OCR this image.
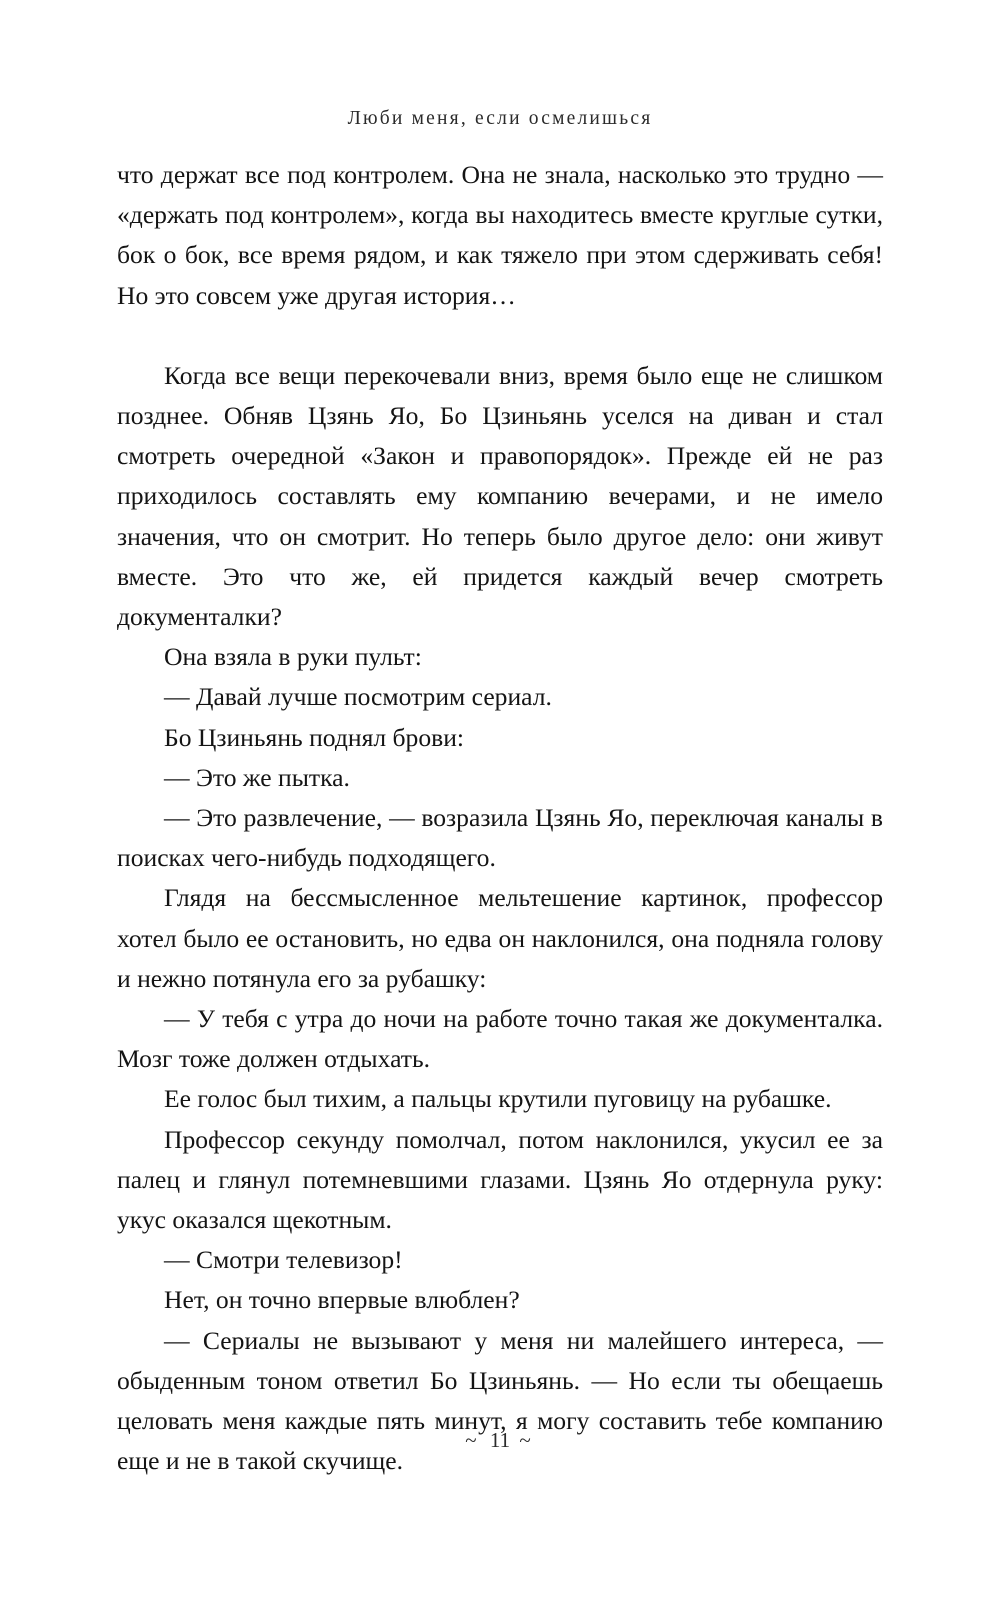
Люби меня, если осмелишься

что держат все под контролем. Она не знала, насколько это трудно — «держать под контролем», когда вы находитесь вместе круглые сутки, бок о бок, все время рядом, и как тяжело при этом сдерживать себя! Но это совсем уже другая история…

Когда все вещи перекочевали вниз, время было еще не слишком позднее. Обняв Цзянь Яо, Бо Цзиньянь уселся на диван и стал смотреть очередной «Закон и правопорядок». Прежде ей не раз приходилось составлять ему компанию вечерами, и не имело значения, что он смотрит. Но теперь было другое дело: они живут вместе. Это что же, ей придется каждый вечер смотреть документалки?

Она взяла в руки пульт:

— Давай лучше посмотрим сериал.

Бо Цзиньянь поднял брови:

— Это же пытка.

— Это развлечение, — возразила Цзянь Яо, переключая каналы в поисках чего-нибудь подходящего.

Глядя на бессмысленное мельтешение картинок, профессор хотел было ее остановить, но едва он наклонился, она подняла голову и нежно потянула его за рубашку:

— У тебя с утра до ночи на работе точно такая же документалка. Мозг тоже должен отдыхать.

Ее голос был тихим, а пальцы крутили пуговицу на рубашке.

Профессор секунду помолчал, потом наклонился, укусил ее за палец и глянул потемневшими глазами. Цзянь Яо отдернула руку: укус оказался щекотным.

— Смотри телевизор!

Нет, он точно впервые влюблен?

— Сериалы не вызывают у меня ни малейшего интереса, — обыденным тоном ответил Бо Цзиньянь. — Но если ты обещаешь целовать меня каждые пять минут, я могу составить тебе компанию еще и не в такой скучище.

~ 11 ~
